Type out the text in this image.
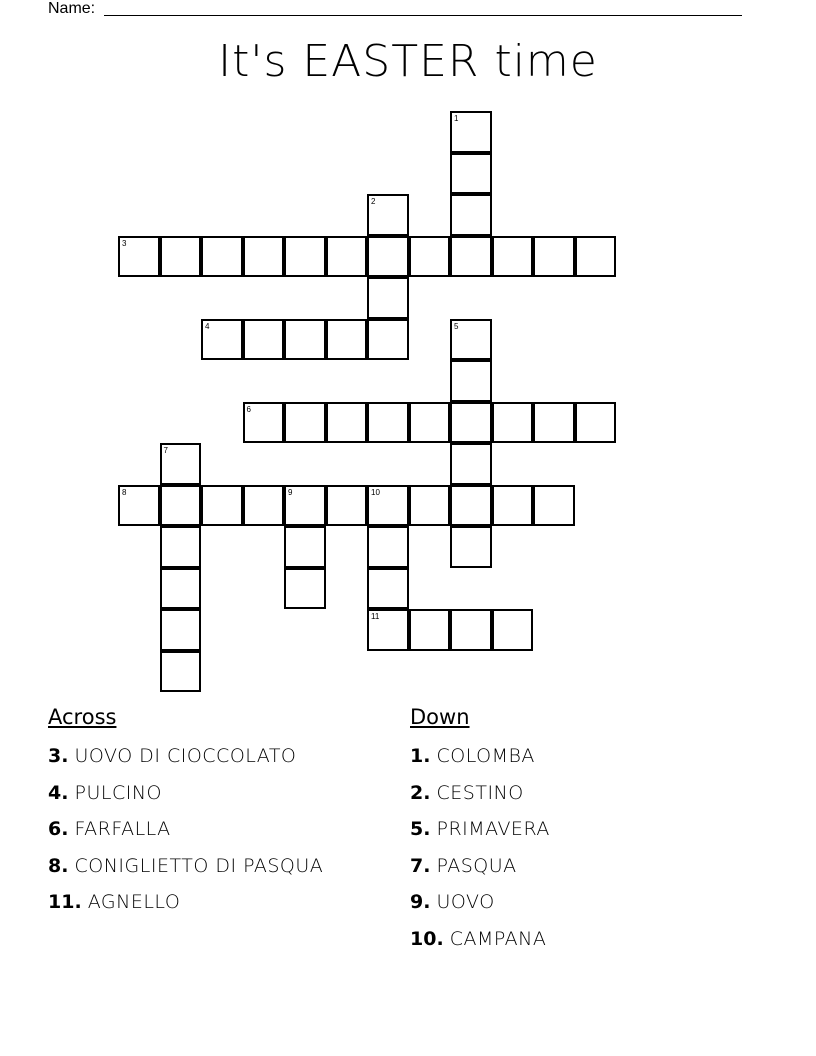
Name:
It's EASTER time
1
2
3
4	5
6
7
8	9	10
11
Across
3. UOVO DI CIOCCOLATO
4. PULCINO
6. FARFALLA
8. CONIGLIETTO DI PASQUA
11. AGNELLO
Down
1. COLOMBA
2. CESTINO
5. PRIMAVERA
7. PASQUA
9. UOVO
10. CAMPANA
